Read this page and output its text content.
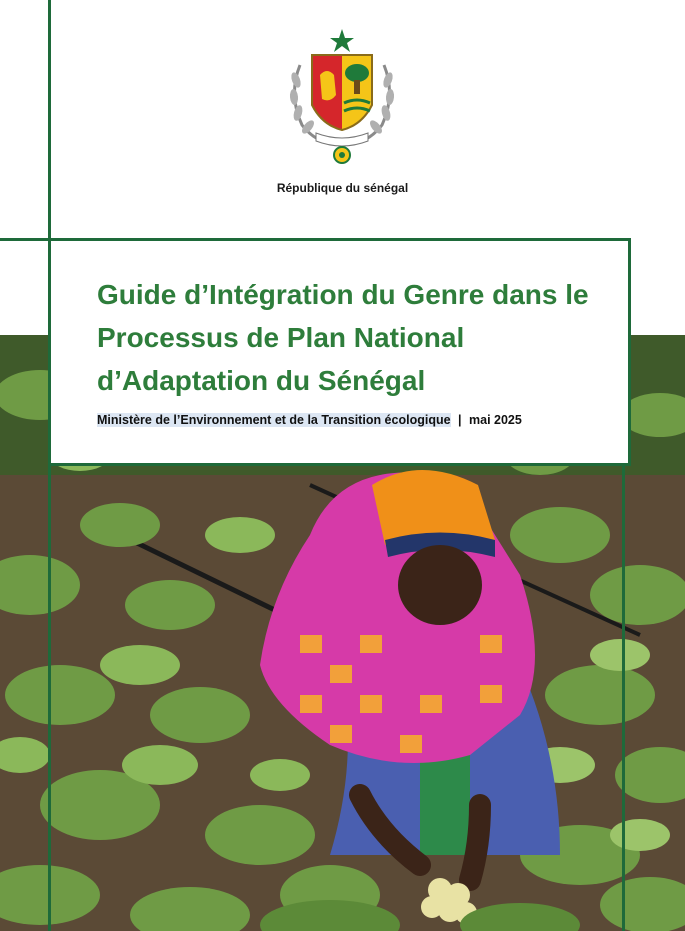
République du sénégal
Guide d’Intégration du Genre dans le Processus de Plan National d’Adaptation du Sénégal
Ministère de l’Environnement et de la Transition écologique | mai 2025
